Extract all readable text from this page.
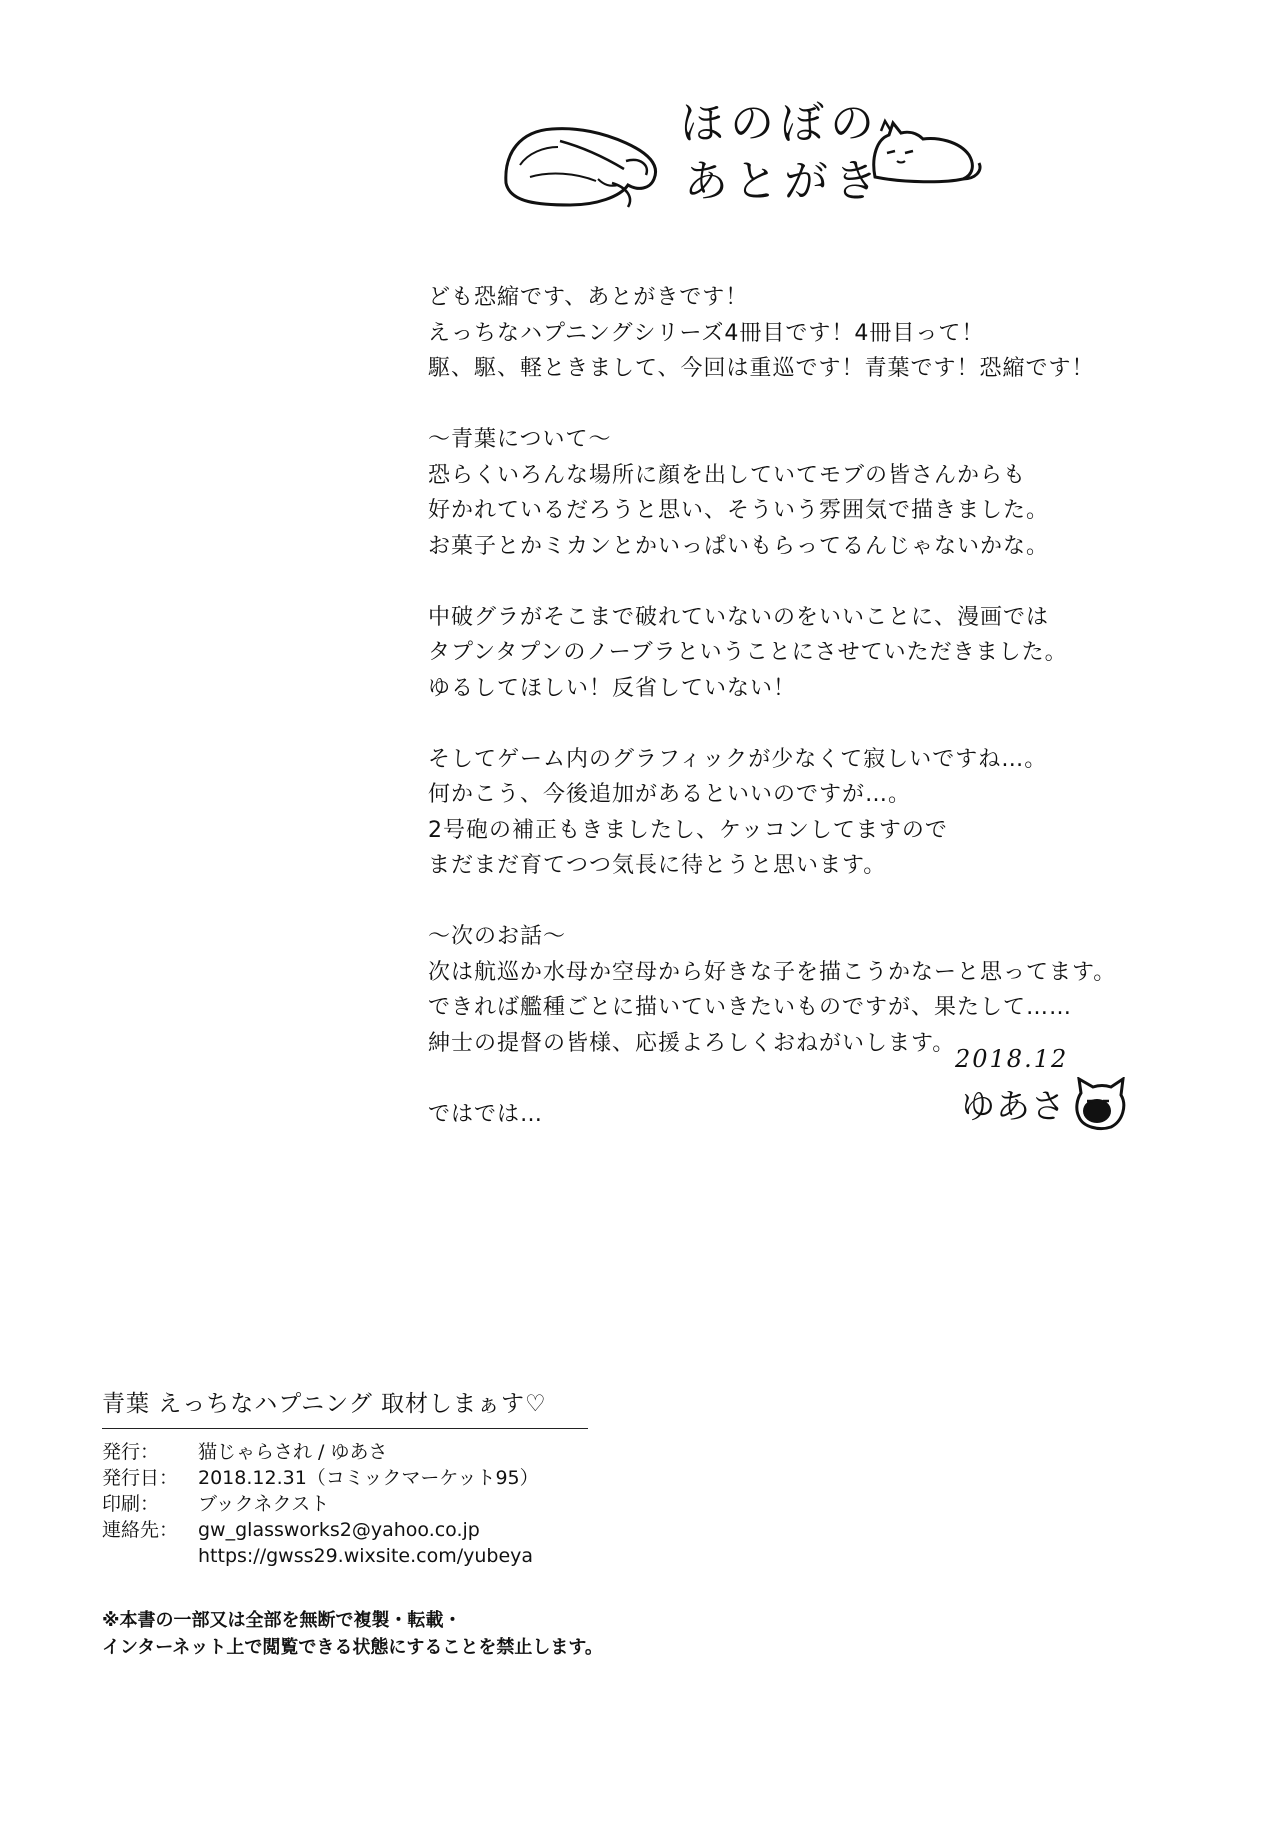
ほのぼの
あとがき

ども恐縮です、あとがきです！

えっちなハプニングシリーズ4冊目です！4冊目って！

駆、駆、軽ときまして、今回は重巡です！青葉です！恐縮です！

～青葉について～

恐らくいろんな場所に顔を出していてモブの皆さんからも

好かれているだろうと思い、そういう雰囲気で描きました。

お菓子とかミカンとかいっぱいもらってるんじゃないかな。

中破グラがそこまで破れていないのをいいことに、漫画では

タプンタプンのノーブラということにさせていただきました。

ゆるしてほしい！反省していない！

そしてゲーム内のグラフィックが少なくて寂しいですね…。

何かこう、今後追加があるといいのですが…。

2号砲の補正もきましたし、ケッコンしてますので

まだまだ育てつつ気長に待とうと思います。

～次のお話～

次は航巡か水母か空母から好きな子を描こうかなーと思ってます。

できれば艦種ごとに描いていきたいものですが、果たして……

紳士の提督の皆様、応援よろしくおねがいします。

ではでは…

2018.12
ゆあさ
青葉 えっちなハプニング 取材しまぁす♡
発行：	猫じゃらされ / ゆあさ
発行日：	2018.12.31（コミックマーケット95）
印刷：	ブックネクスト
連絡先：	gw_glassworks2@yahoo.co.jp
https://gwss29.wixsite.com/yubeya

※本書の一部又は全部を無断で複製・転載・

インターネット上で閲覧できる状態にすることを禁止します。
